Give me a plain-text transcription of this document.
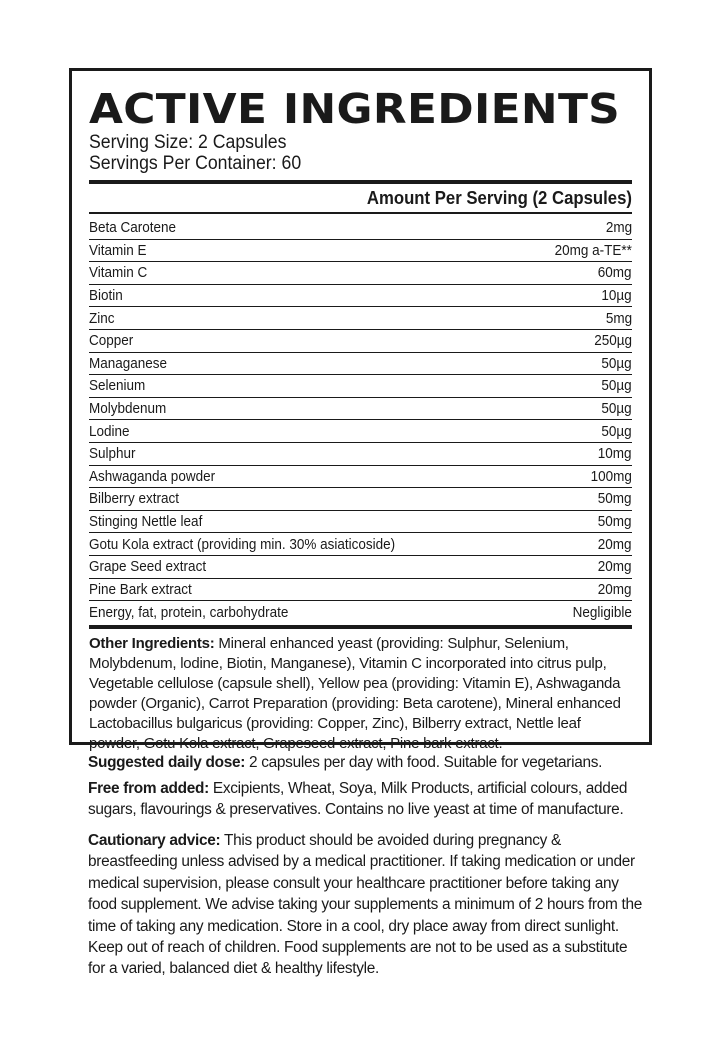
ACTIVE INGREDIENTS
Serving Size: 2 Capsules
Servings Per Container: 60
Amount Per Serving (2 Capsules)
Beta Carotene	2mg
Vitamin E	20mg a-TE**
Vitamin C	60mg
Biotin	10µg
Zinc	5mg
Copper	250µg
Managanese	50µg
Selenium	50µg
Molybdenum	50µg
Lodine	50µg
Sulphur	10mg
Ashwaganda powder	100mg
Bilberry extract	50mg
Stinging Nettle leaf	50mg
Gotu Kola extract (providing min. 30% asiaticoside)	20mg
Grape Seed extract	20mg
Pine Bark extract	20mg
Energy, fat, protein, carbohydrate	Negligible

Other Ingredients: Mineral enhanced yeast (providing: Sulphur, Selenium, Molybdenum, lodine, Biotin, Manganese), Vitamin C incorporated into citrus pulp, Vegetable cellulose (capsule shell), Yellow pea (providing: Vitamin E), Ashwaganda powder (Organic), Carrot Preparation (providing: Beta carotene), Mineral enhanced Lactobacillus bulgaricus (providing: Copper, Zinc), Bilberry extract, Nettle leaf powder, Gotu Kola extract, Grapeseed extract, Pine bark extract.

Suggested daily dose: 2 capsules per day with food. Suitable for vegetarians.

Free from added: Excipients, Wheat, Soya, Milk Products, artificial colours, added sugars, flavourings & preservatives. Contains no live yeast at time of manufacture.

Cautionary advice: This product should be avoided during pregnancy & breastfeeding unless advised by a medical practitioner. If taking medication or under medical supervision, please consult your healthcare practitioner before taking any food supplement. We advise taking your supplements a minimum of 2 hours from the time of taking any medication. Store in a cool, dry place away from direct sunlight. Keep out of reach of children. Food supplements are not to be used as a substitute for a varied, balanced diet & healthy lifestyle.
